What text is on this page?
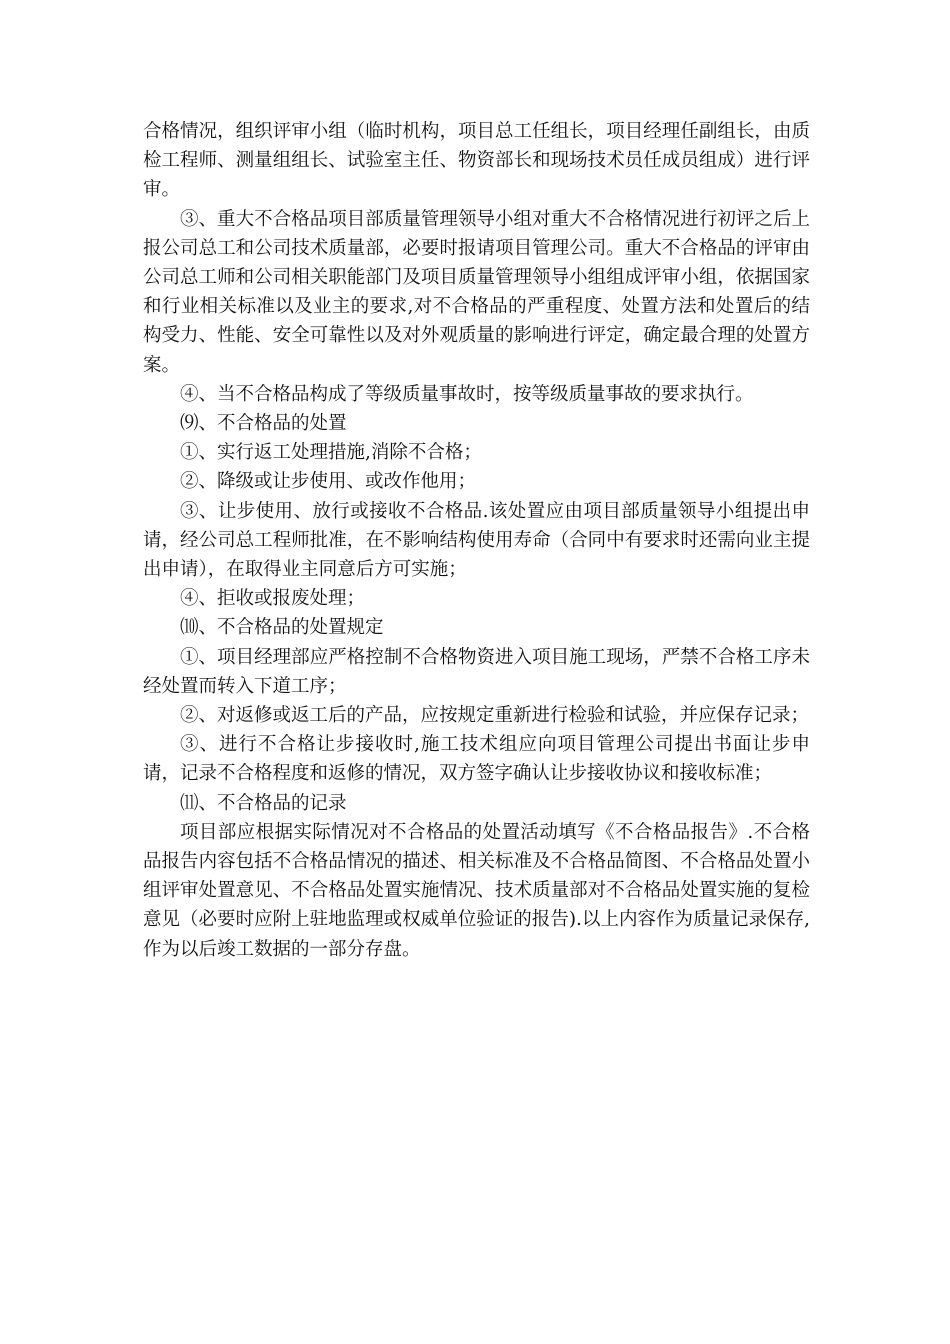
合格情况，组织评审小组（临时机构，项目总工任组长，项目经理任副组长，由质检工程师、测量组组长、试验室主任、物资部长和现场技术员任成员组成）进行评审。

③、重大不合格品项目部质量管理领导小组对重大不合格情况进行初评之后上报公司总工和公司技术质量部，必要时报请项目管理公司。重大不合格品的评审由公司总工师和公司相关职能部门及项目质量管理领导小组组成评审小组，依据国家和行业相关标准以及业主的要求,对不合格品的严重程度、处置方法和处置后的结构受力、性能、安全可靠性以及对外观质量的影响进行评定，确定最合理的处置方案。

④、当不合格品构成了等级质量事故时，按等级质量事故的要求执行。

⑼、不合格品的处置

①、实行返工处理措施,消除不合格；

②、降级或让步使用、或改作他用；

③、让步使用、放行或接收不合格品.该处置应由项目部质量领导小组提出申请，经公司总工程师批准，在不影响结构使用寿命（合同中有要求时还需向业主提出申请），在取得业主同意后方可实施；

④、拒收或报废处理；

⑽、不合格品的处置规定

①、项目经理部应严格控制不合格物资进入项目施工现场，严禁不合格工序未经处置而转入下道工序；

②、对返修或返工后的产品，应按规定重新进行检验和试验，并应保存记录；

③、进行不合格让步接收时,施工技术组应向项目管理公司提出书面让步申请，记录不合格程度和返修的情况，双方签字确认让步接收协议和接收标准；

⑾、不合格品的记录

项目部应根据实际情况对不合格品的处置活动填写《不合格品报告》.不合格品报告内容包括不合格品情况的描述、相关标准及不合格品简图、不合格品处置小组评审处置意见、不合格品处置实施情况、技术质量部对不合格品处置实施的复检意见（必要时应附上驻地监理或权威单位验证的报告).以上内容作为质量记录保存,作为以后竣工数据的一部分存盘。
